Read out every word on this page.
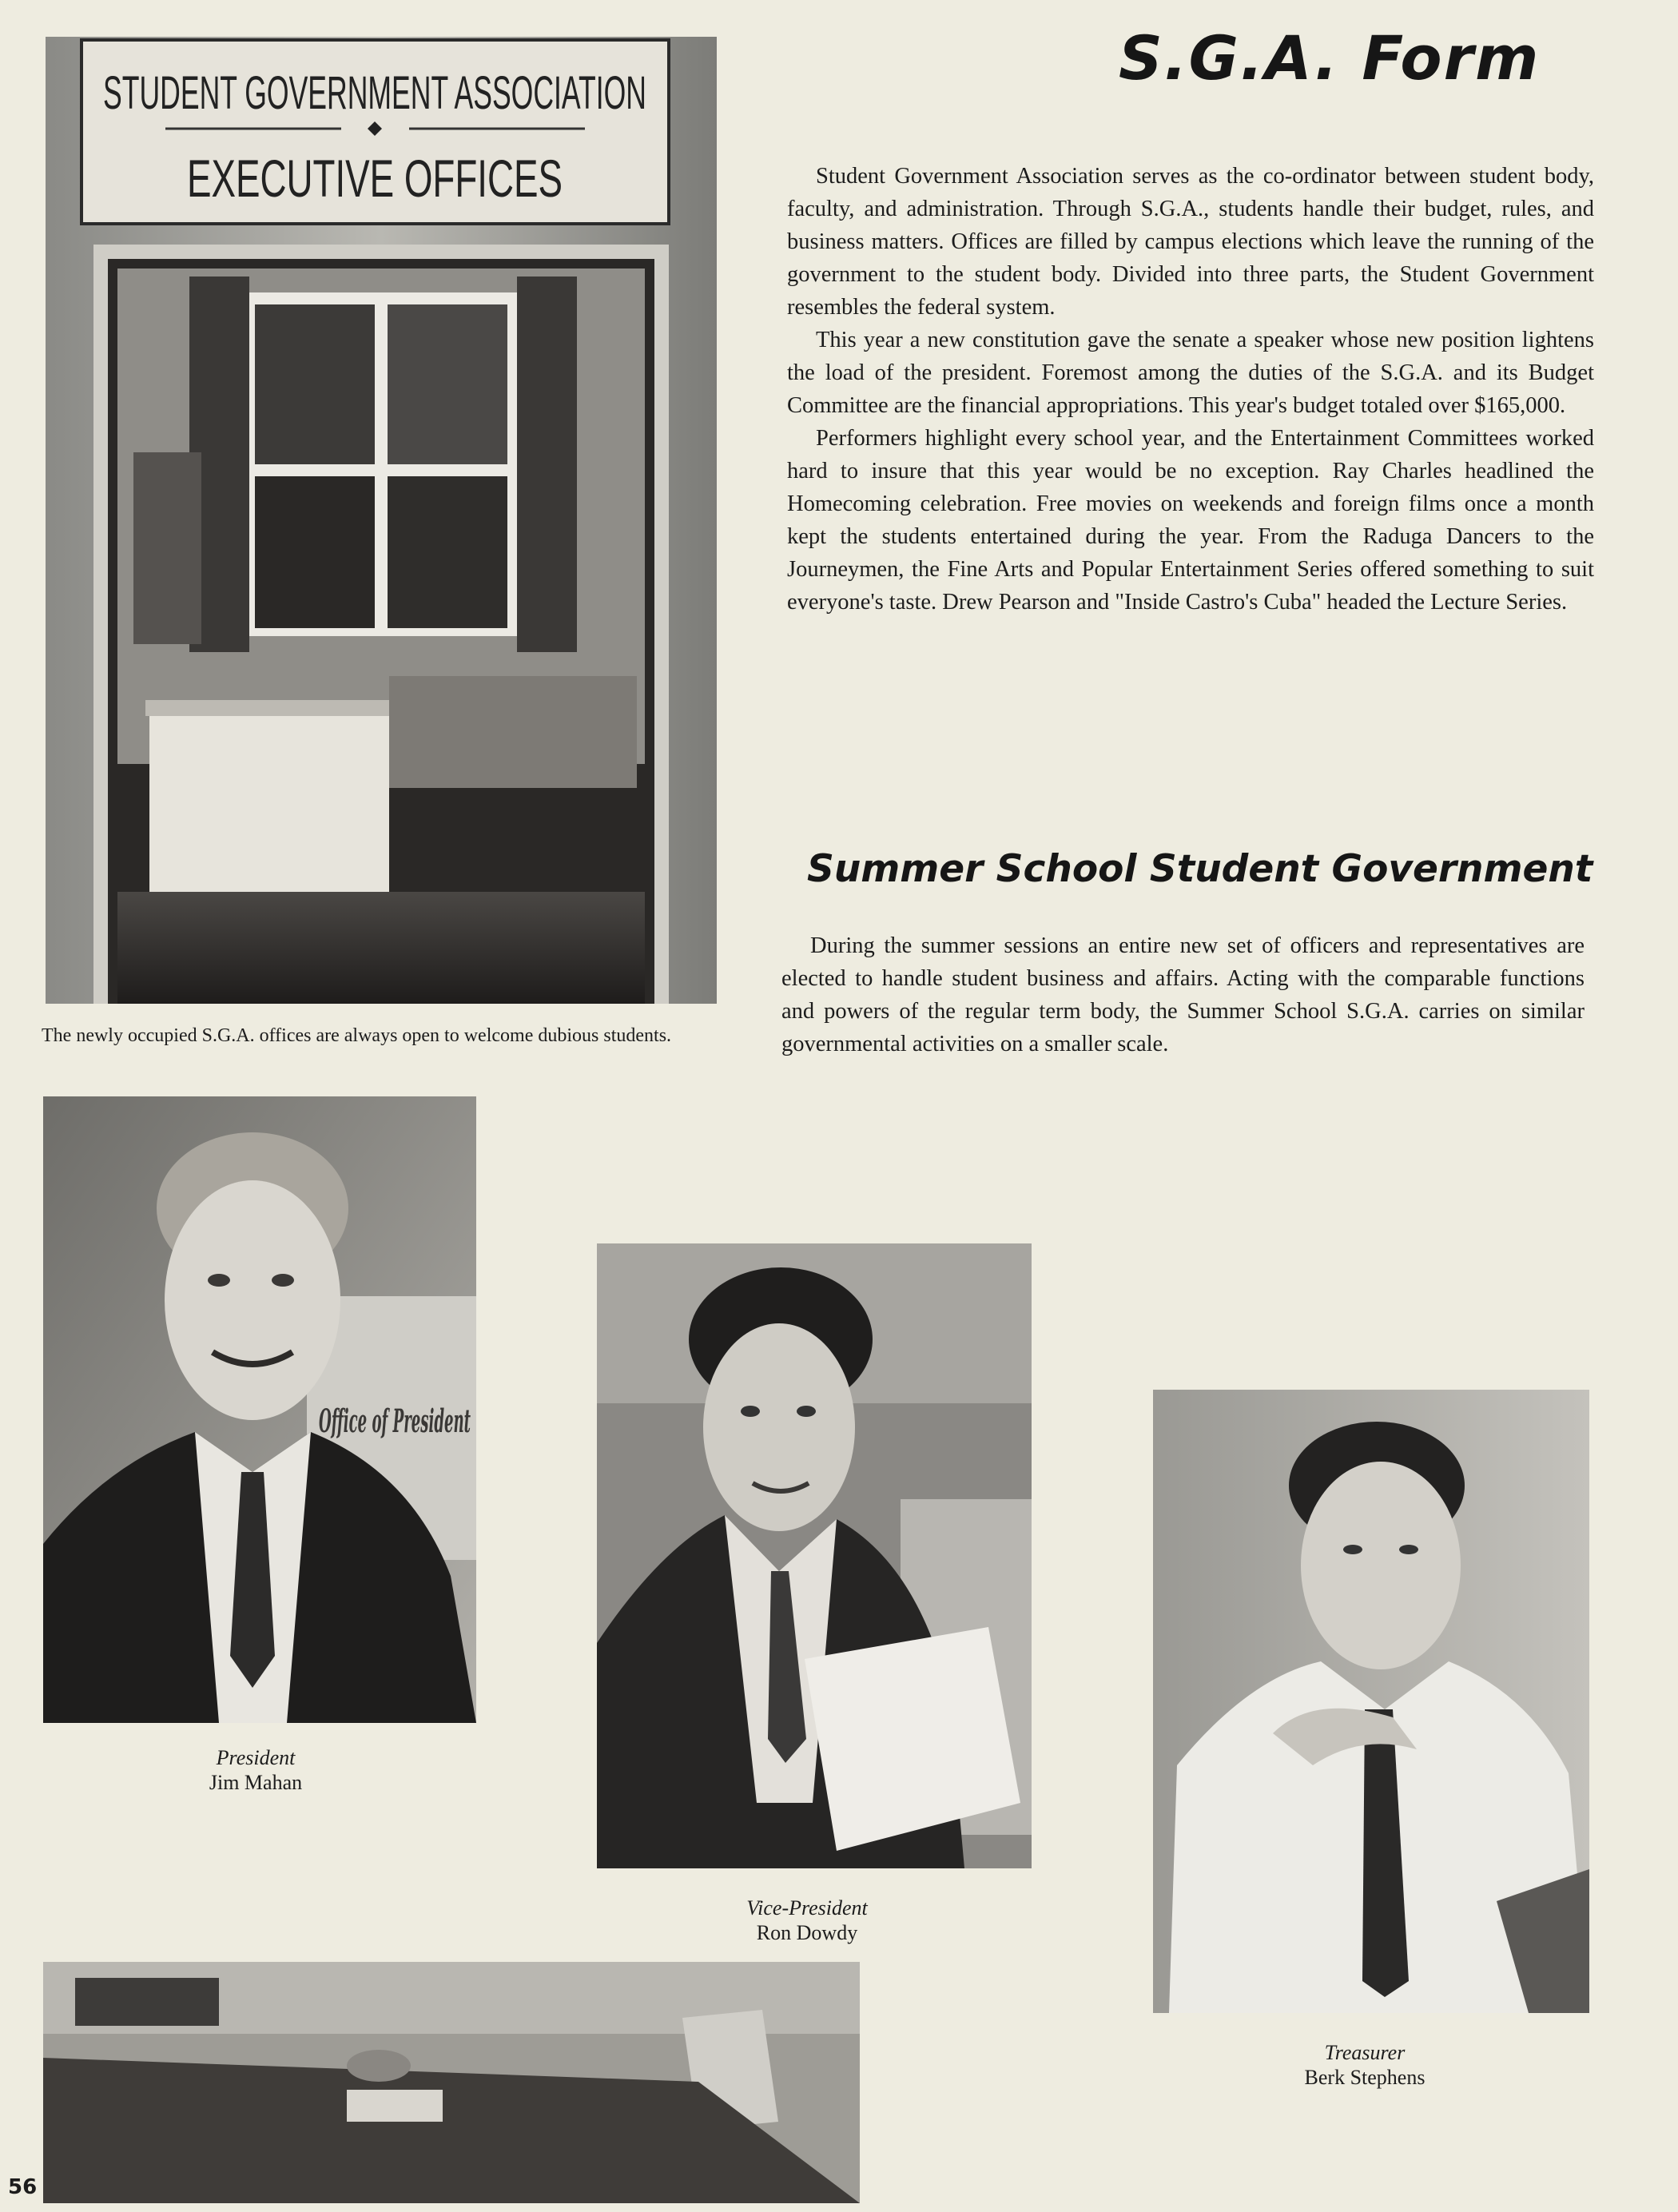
S.G.A. Form
STUDENT GOVERNMENT ASSOCIATION
EXECUTIVE OFFICES
The newly occupied S.G.A. offices are always open to welcome dubious students.

Student Government Association serves as the co-ordinator between student body, faculty, and administration. Through S.G.A., students handle their budget, rules, and business matters. Offices are filled by campus elections which leave the running of the government to the student body. Divided into three parts, the Student Government resembles the federal system.

This year a new constitution gave the senate a speaker whose new position lightens the load of the president. Foremost among the duties of the S.G.A. and its Budget Committee are the financial appropriations. This year's budget totaled over $165,000.

Performers highlight every school year, and the Entertainment Committees worked hard to insure that this year would be no exception. Ray Charles headlined the Homecoming celebration. Free movies on weekends and foreign films once a month kept the students entertained during the year. From the Raduga Dancers to the Journeymen, the Fine Arts and Popular Entertainment Series offered something to suit everyone's taste. Drew Pearson and "Inside Castro's Cuba" headed the Lecture Series.

Summer School Student Government

During the summer sessions an entire new set of officers and representatives are elected to handle student business and affairs. Acting with the comparable functions and powers of the regular term body, the Summer School S.G.A. carries on similar governmental activities on a smaller scale.

Office of President
President
Jim Mahan
Vice-President
Ron Dowdy
Treasurer
Berk Stephens
56
